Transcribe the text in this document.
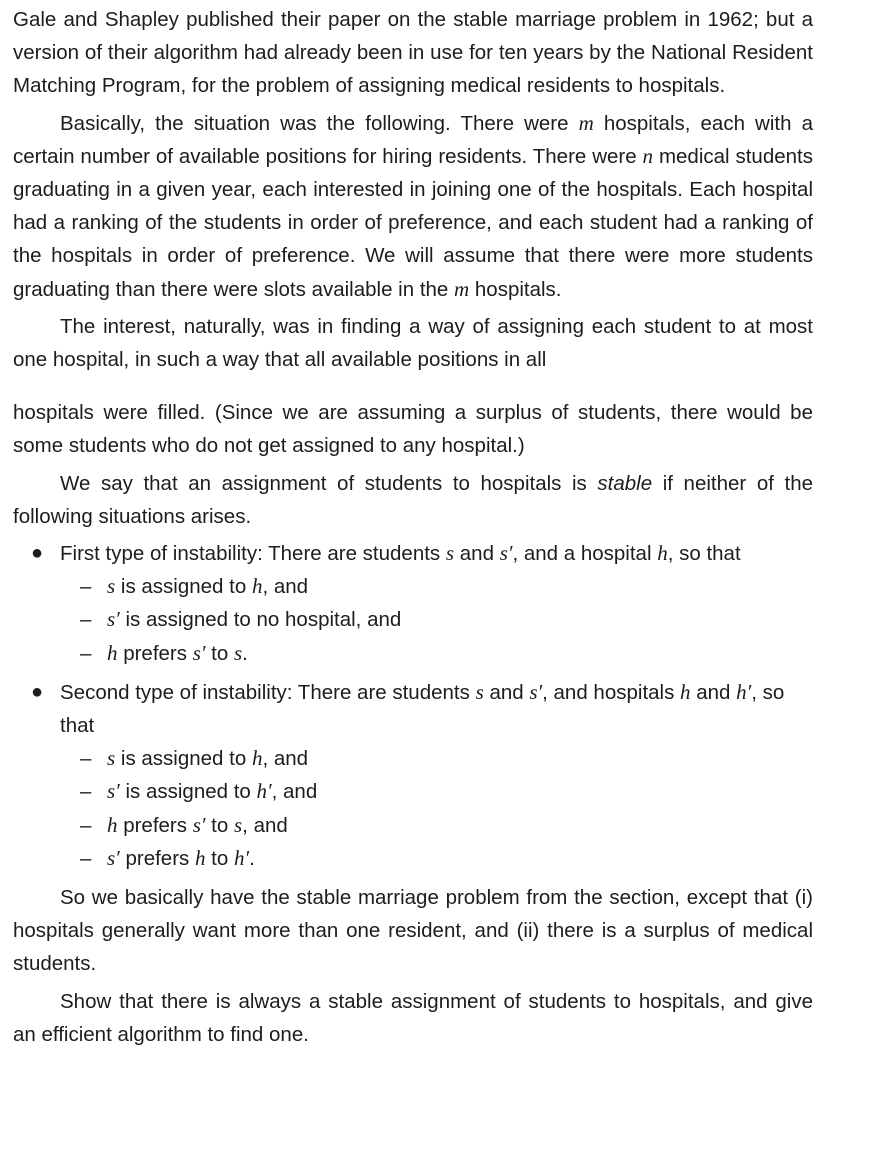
Gale and Shapley published their paper on the stable marriage problem in 1962; but a version of their algorithm had already been in use for ten years by the National Resident Matching Program, for the problem of assigning medical residents to hospitals.

Basically, the situation was the following. There were m hospitals, each with a certain number of available positions for hiring residents. There were n medical students graduating in a given year, each interested in joining one of the hospitals. Each hospital had a ranking of the students in order of preference, and each student had a ranking of the hospitals in order of preference. We will assume that there were more students graduating than there were slots available in the m hospitals.

The interest, naturally, was in finding a way of assigning each student to at most one hospital, in such a way that all available positions in all

hospitals were filled. (Since we are assuming a surplus of students, there would be some students who do not get assigned to any hospital.)

We say that an assignment of students to hospitals is stable if neither of the following situations arises.

● First type of instability: There are students s and s′, and a hospital h, so that
– s is assigned to h, and
– s′ is assigned to no hospital, and
– h prefers s′ to s.
● Second type of instability: There are students s and s′, and hospitals h and h′, so that
– s is assigned to h, and
– s′ is assigned to h′, and
– h prefers s′ to s, and
– s′ prefers h to h′.

So we basically have the stable marriage problem from the section, except that (i) hospitals generally want more than one resident, and (ii) there is a surplus of medical students.

Show that there is always a stable assignment of students to hospitals, and give an efficient algorithm to find one.
